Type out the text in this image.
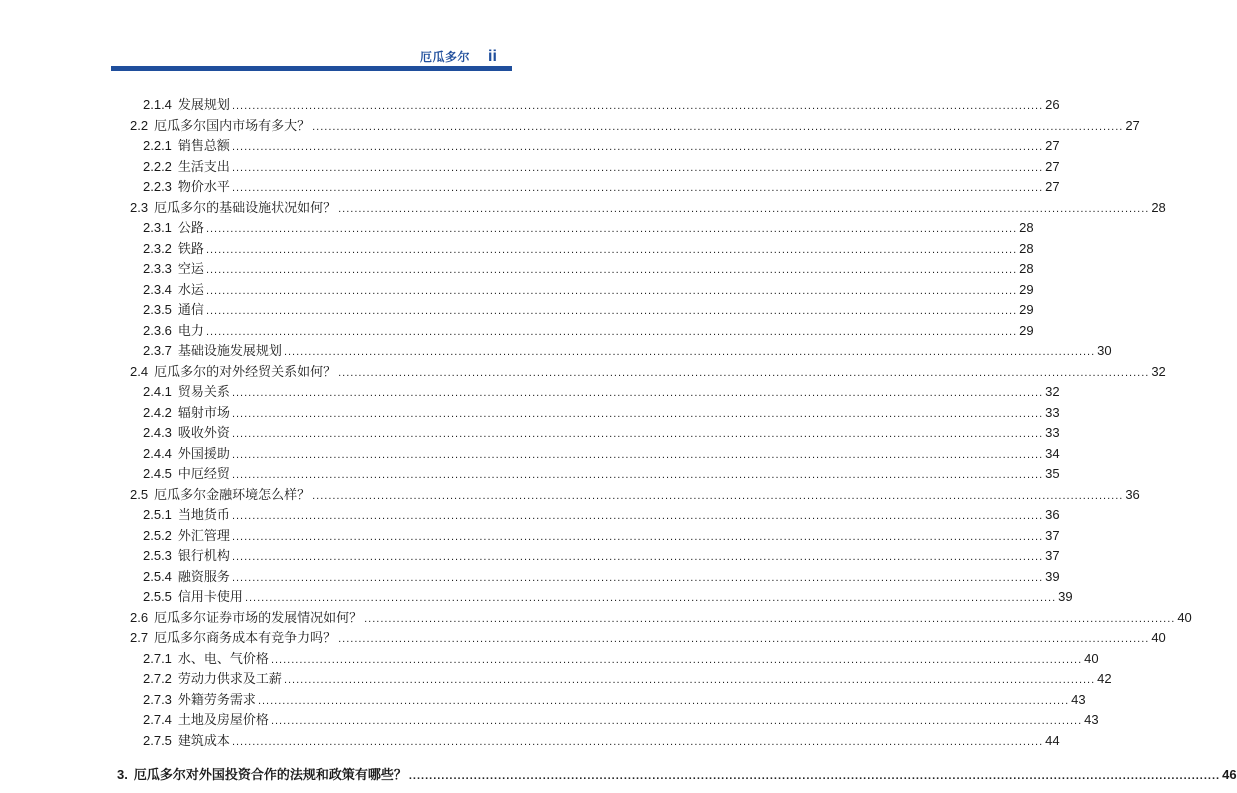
厄瓜多尔 ii
2.1.4 发展规划 ........................................................................................................................................................................................................ 26
2.2 厄瓜多尔国内市场有多大？ ........................................................................................................................................................................................................ 27
2.2.1 销售总额 ........................................................................................................................................................................................................ 27
2.2.2 生活支出 ........................................................................................................................................................................................................ 27
2.2.3 物价水平 ........................................................................................................................................................................................................ 27
2.3 厄瓜多尔的基础设施状况如何？ ........................................................................................................................................................................................................ 28
2.3.1 公路 ........................................................................................................................................................................................................ 28
2.3.2 铁路 ........................................................................................................................................................................................................ 28
2.3.3 空运 ........................................................................................................................................................................................................ 28
2.3.4 水运 ........................................................................................................................................................................................................ 29
2.3.5 通信 ........................................................................................................................................................................................................ 29
2.3.6 电力 ........................................................................................................................................................................................................ 29
2.3.7 基础设施发展规划 ........................................................................................................................................................................................................ 30
2.4 厄瓜多尔的对外经贸关系如何？ ........................................................................................................................................................................................................ 32
2.4.1 贸易关系 ........................................................................................................................................................................................................ 32
2.4.2 辐射市场 ........................................................................................................................................................................................................ 33
2.4.3 吸收外资 ........................................................................................................................................................................................................ 33
2.4.4 外国援助 ........................................................................................................................................................................................................ 34
2.4.5 中厄经贸 ........................................................................................................................................................................................................ 35
2.5 厄瓜多尔金融环境怎么样？ ........................................................................................................................................................................................................ 36
2.5.1 当地货币 ........................................................................................................................................................................................................ 36
2.5.2 外汇管理 ........................................................................................................................................................................................................ 37
2.5.3 银行机构 ........................................................................................................................................................................................................ 37
2.5.4 融资服务 ........................................................................................................................................................................................................ 39
2.5.5 信用卡使用 ........................................................................................................................................................................................................ 39
2.6 厄瓜多尔证券市场的发展情况如何？ ........................................................................................................................................................................................................ 40
2.7 厄瓜多尔商务成本有竞争力吗？ ........................................................................................................................................................................................................ 40
2.7.1 水、电、气价格 ........................................................................................................................................................................................................ 40
2.7.2 劳动力供求及工薪 ........................................................................................................................................................................................................ 42
2.7.3 外籍劳务需求 ........................................................................................................................................................................................................ 43
2.7.4 土地及房屋价格 ........................................................................................................................................................................................................ 43
2.7.5 建筑成本 ........................................................................................................................................................................................................ 44
3. 厄瓜多尔对外国投资合作的法规和政策有哪些？ ........................................................................................................................................................................................................ 46
